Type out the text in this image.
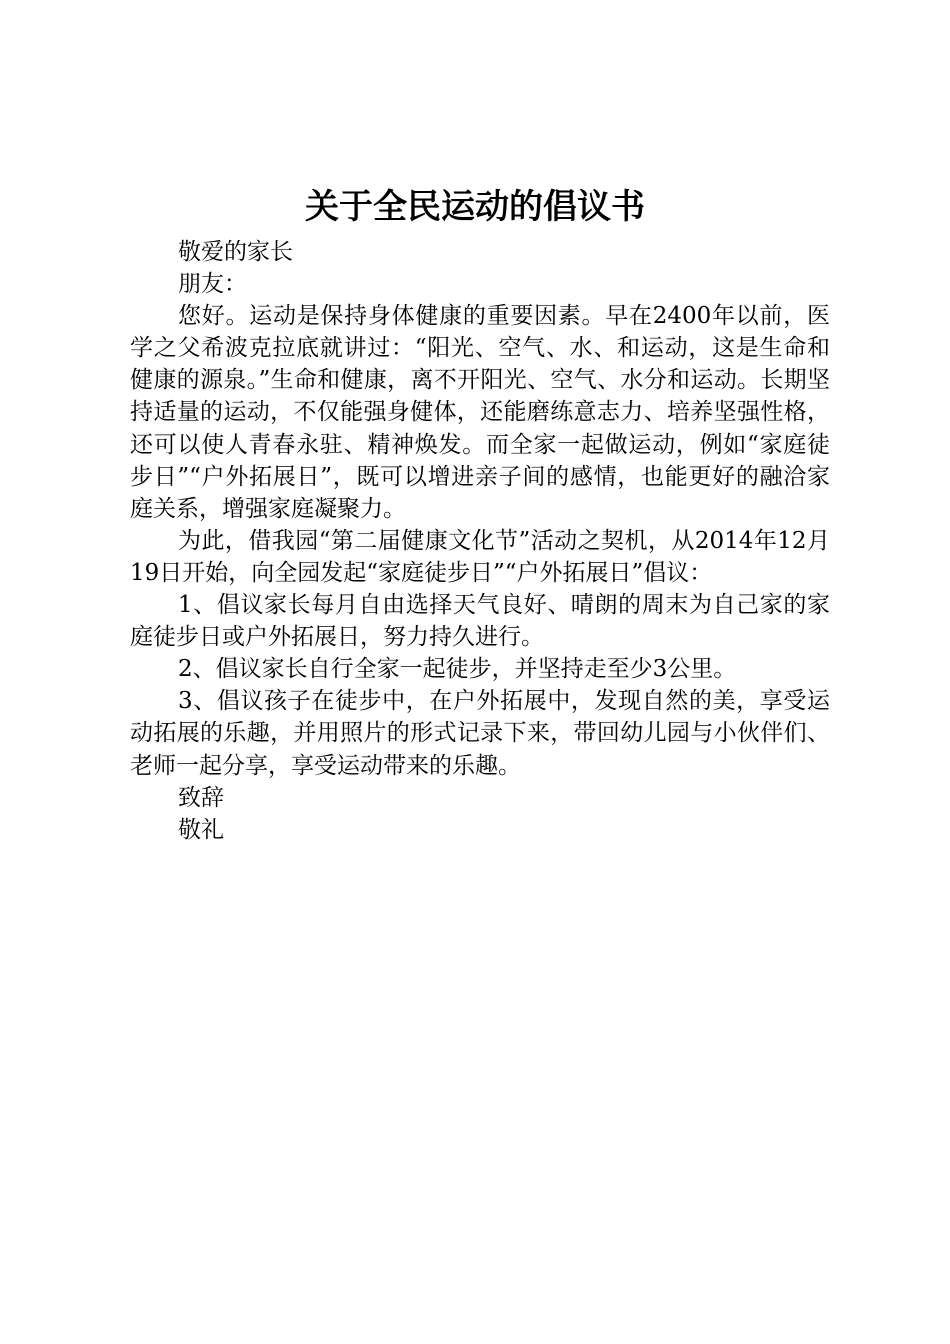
关于全民运动的倡议书

敬爱的家长

朋友：

您好。运动是保持身体健康的重要因素。早在2400年以前，医学之父希波克拉底就讲过：“阳光、空气、水、和运动，这是生命和健康的源泉。”生命和健康，离不开阳光、空气、水分和运动。长期坚持适量的运动，不仅能强身健体，还能磨练意志力、培养坚强性格，还可以使人青春永驻、精神焕发。而全家一起做运动，例如“家庭徒步日”“户外拓展日”，既可以增进亲子间的感情，也能更好的融洽家庭关系，增强家庭凝聚力。

为此，借我园“第二届健康文化节”活动之契机，从2014年12月19日开始，向全园发起“家庭徒步日”“户外拓展日”倡议：

1、倡议家长每月自由选择天气良好、晴朗的周末为自己家的家庭徒步日或户外拓展日，努力持久进行。

2、倡议家长自行全家一起徒步，并坚持走至少3公里。

3、倡议孩子在徒步中，在户外拓展中，发现自然的美，享受运动拓展的乐趣，并用照片的形式记录下来，带回幼儿园与小伙伴们、老师一起分享，享受运动带来的乐趣。

致辞

敬礼
